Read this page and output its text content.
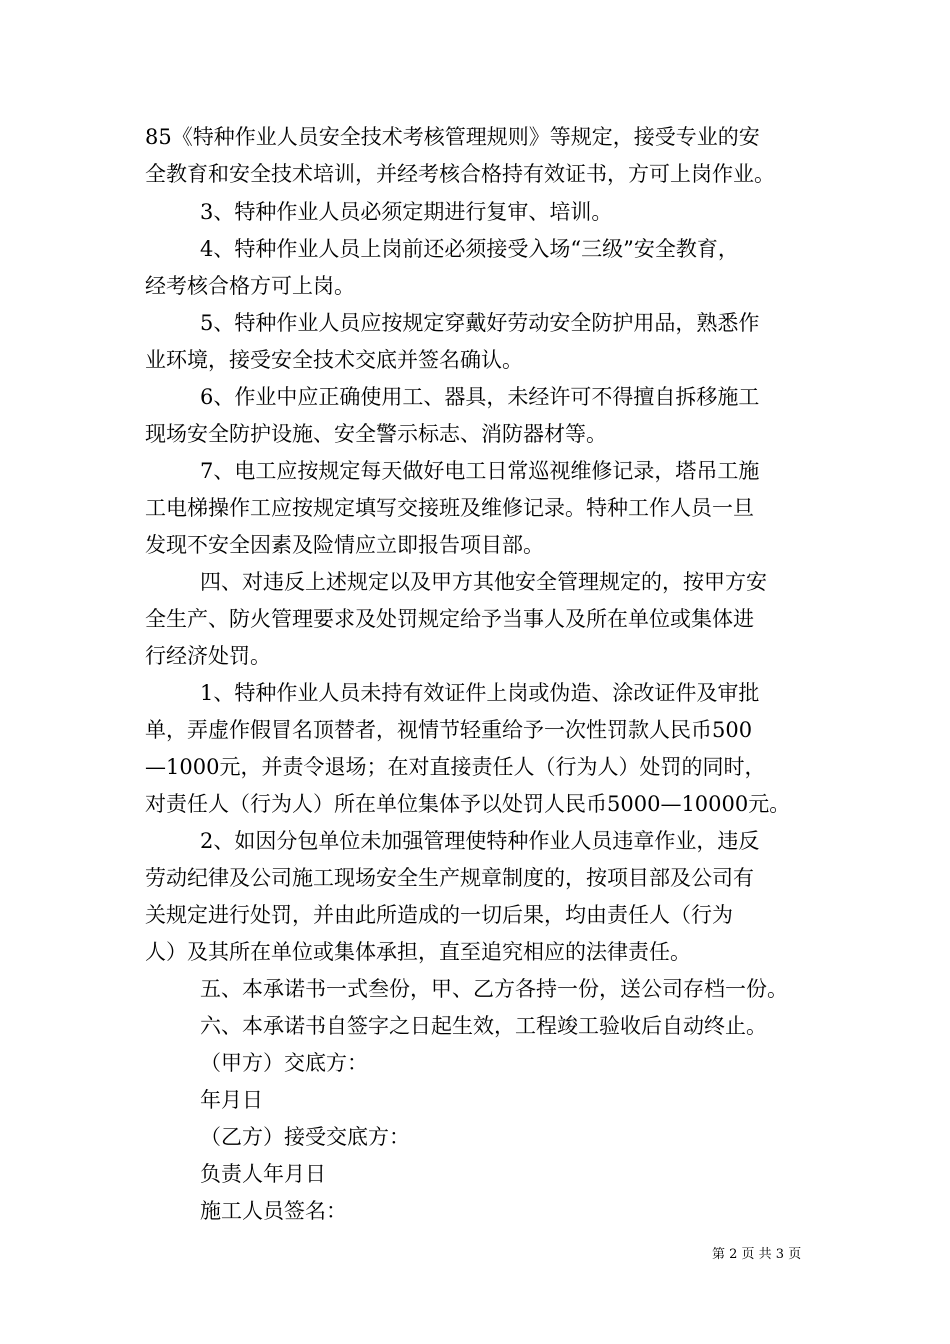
85《特种作业人员安全技术考核管理规则》等规定，接受专业的安
全教育和安全技术培训，并经考核合格持有效证书，方可上岗作业。
3、特种作业人员必须定期进行复审、培训。
4、特种作业人员上岗前还必须接受入场“三级”安全教育，
经考核合格方可上岗。
5、特种作业人员应按规定穿戴好劳动安全防护用品，熟悉作
业环境，接受安全技术交底并签名确认。
6、作业中应正确使用工、器具，未经许可不得擅自拆移施工
现场安全防护设施、安全警示标志、消防器材等。
7、电工应按规定每天做好电工日常巡视维修记录，塔吊工施
工电梯操作工应按规定填写交接班及维修记录。特种工作人员一旦
发现不安全因素及险情应立即报告项目部。
四、对违反上述规定以及甲方其他安全管理规定的，按甲方安
全生产、防火管理要求及处罚规定给予当事人及所在单位或集体进
行经济处罚。
1、特种作业人员未持有效证件上岗或伪造、涂改证件及审批
单，弄虚作假冒名顶替者，视情节轻重给予一次性罚款人民币500
—1000元，并责令退场；在对直接责任人（行为人）处罚的同时，
对责任人（行为人）所在单位集体予以处罚人民币5000—10000元。
2、如因分包单位未加强管理使特种作业人员违章作业，违反
劳动纪律及公司施工现场安全生产规章制度的，按项目部及公司有
关规定进行处罚，并由此所造成的一切后果，均由责任人（行为
人）及其所在单位或集体承担，直至追究相应的法律责任。
五、本承诺书一式叁份，甲、乙方各持一份，送公司存档一份。
六、本承诺书自签字之日起生效，工程竣工验收后自动终止。
（甲方）交底方：
年月日
（乙方）接受交底方：
负责人年月日
施工人员签名：
第 2 页 共 3 页
